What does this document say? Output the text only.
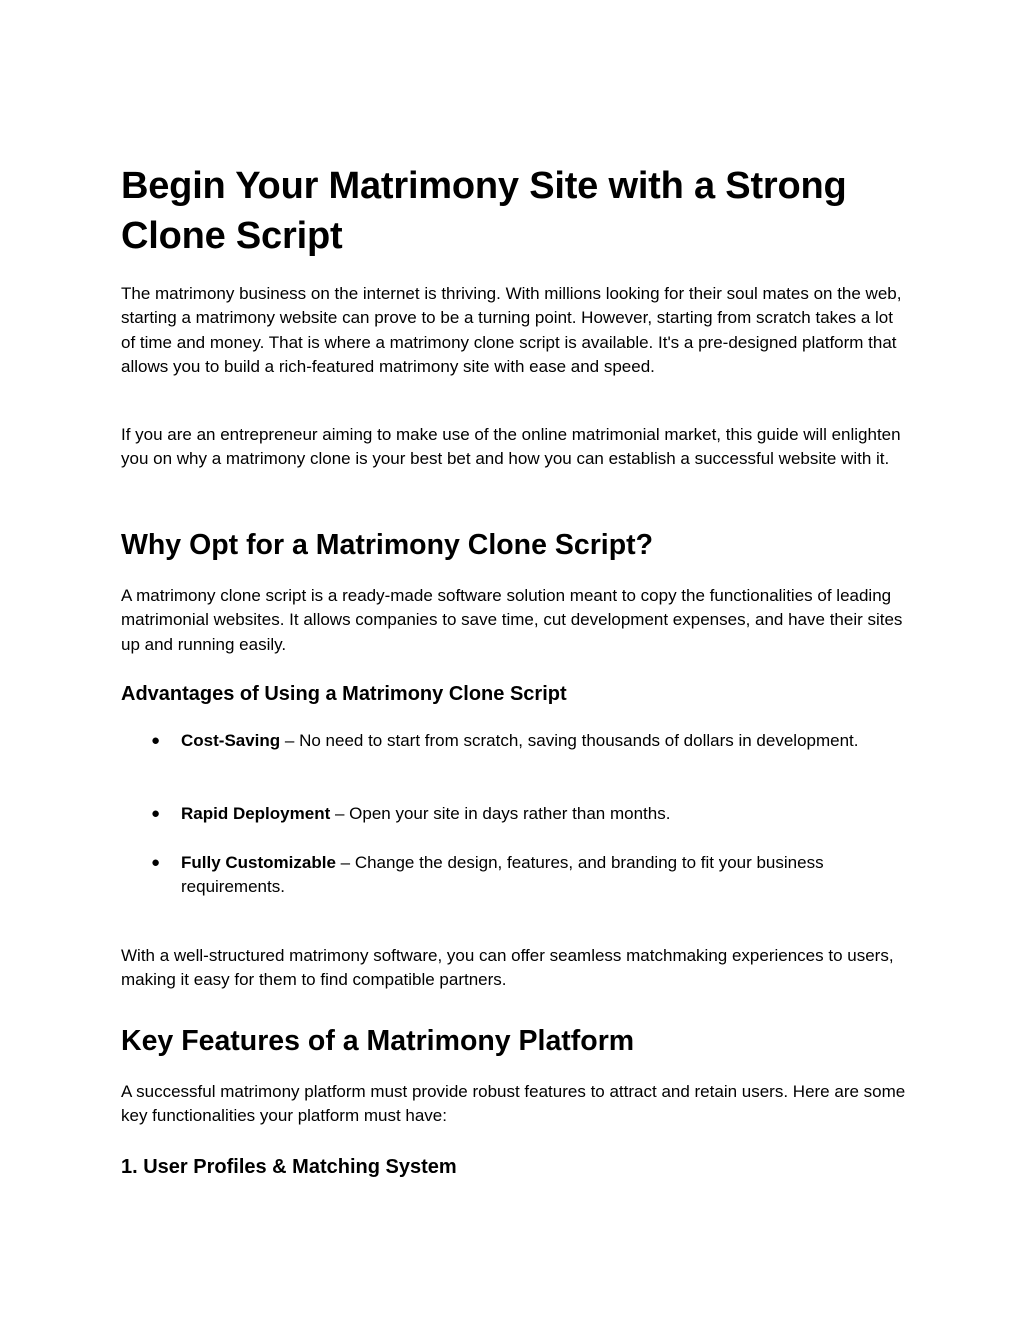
Begin Your Matrimony Site with a Strong Clone Script

The matrimony business on the internet is thriving. With millions looking for their soul mates on the web, starting a matrimony website can prove to be a turning point. However, starting from scratch takes a lot of time and money. That is where a matrimony clone script is available. It's a pre-designed platform that allows you to build a rich-featured matrimony site with ease and speed.

If you are an entrepreneur aiming to make use of the online matrimonial market, this guide will enlighten you on why a matrimony clone is your best bet and how you can establish a successful website with it.

Why Opt for a Matrimony Clone Script?

A matrimony clone script is a ready-made software solution meant to copy the functionalities of leading matrimonial websites. It allows companies to save time, cut development expenses, and have their sites up and running easily.

Advantages of Using a Matrimony Clone Script
● Cost-Saving – No need to start from scratch, saving thousands of dollars in development.
● Rapid Deployment – Open your site in days rather than months.
● Fully Customizable – Change the design, features, and branding to fit your business requirements.

With a well-structured matrimony software, you can offer seamless matchmaking experiences to users, making it easy for them to find compatible partners.

Key Features of a Matrimony Platform

A successful matrimony platform must provide robust features to attract and retain users. Here are some key functionalities your platform must have:

1. User Profiles & Matching System
